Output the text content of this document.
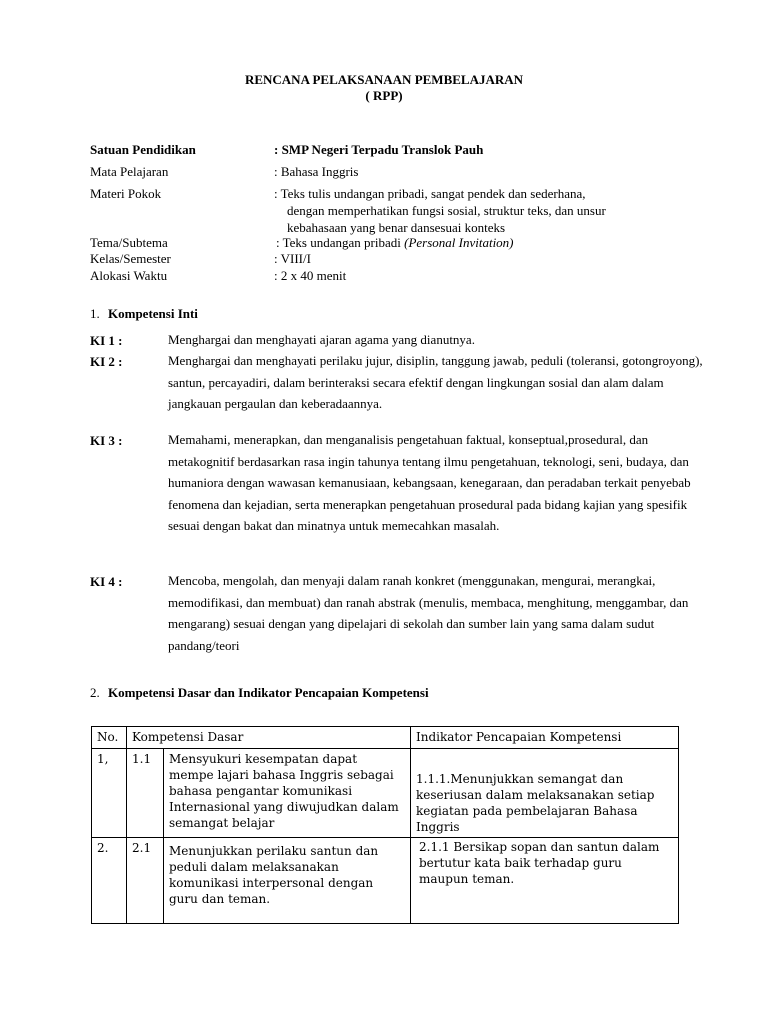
RENCANA PELAKSANAAN PEMBELAJARAN
( RPP)
Satuan Pendidikan	: SMP Negeri Terpadu Translok Pauh
Mata Pelajaran	: Bahasa Inggris
Materi Pokok	: Teks tulis undangan pribadi, sangat pendek dan sederhana,
dengan memperhatikan fungsi sosial, struktur teks, dan unsur
kebahasaan yang benar dansesuai konteks
Tema/Subtema	: Teks undangan pribadi (Personal Invitation)
Kelas/Semester	: VIII/I
Alokasi Waktu	: 2 x 40 menit
1. Kompetensi Inti
KI 1 :	Menghargai dan menghayati ajaran agama yang dianutnya.
KI 2 :	Menghargai dan menghayati perilaku jujur, disiplin, tanggung jawab, peduli (toleransi, gotongroyong), santun, percayadiri, dalam berinteraksi secara efektif dengan lingkungan sosial dan alam dalam jangkauan pergaulan dan keberadaannya.
KI 3 :	Memahami, menerapkan, dan menganalisis pengetahuan faktual, konseptual,prosedural, dan metakognitif berdasarkan rasa ingin tahunya tentang ilmu pengetahuan, teknologi, seni, budaya, dan humaniora dengan wawasan kemanusiaan, kebangsaan, kenegaraan, dan peradaban terkait penyebab fenomena dan kejadian, serta menerapkan pengetahuan prosedural pada bidang kajian yang spesifik sesuai dengan bakat dan minatnya untuk memecahkan masalah.
KI 4 :	Mencoba, mengolah, dan menyaji dalam ranah konkret (menggunakan, mengurai, merangkai, memodifikasi, dan membuat) dan ranah abstrak (menulis, membaca, menghitung, menggambar, dan mengarang) sesuai dengan yang dipelajari di sekolah dan sumber lain yang sama dalam sudut pandang/teori
2. Kompetensi Dasar dan Indikator Pencapaian Kompetensi
No.	Kompetensi Dasar		Indikator Pencapaian Kompetensi
1,	1.1	Mensyukuri kesempatan dapat mempe lajari bahasa Inggris sebagai bahasa pengantar komunikasi Internasional yang diwujudkan dalam semangat belajar	1.1.1.Menunjukkan semangat dan keseriusan dalam melaksanakan setiap kegiatan pada pembelajaran Bahasa Inggris
2.	2.1	Menunjukkan perilaku santun dan peduli dalam melaksanakan komunikasi interpersonal dengan guru dan teman.	2.1.1 Bersikap sopan dan santun dalam bertutur kata baik terhadap guru maupun teman.
